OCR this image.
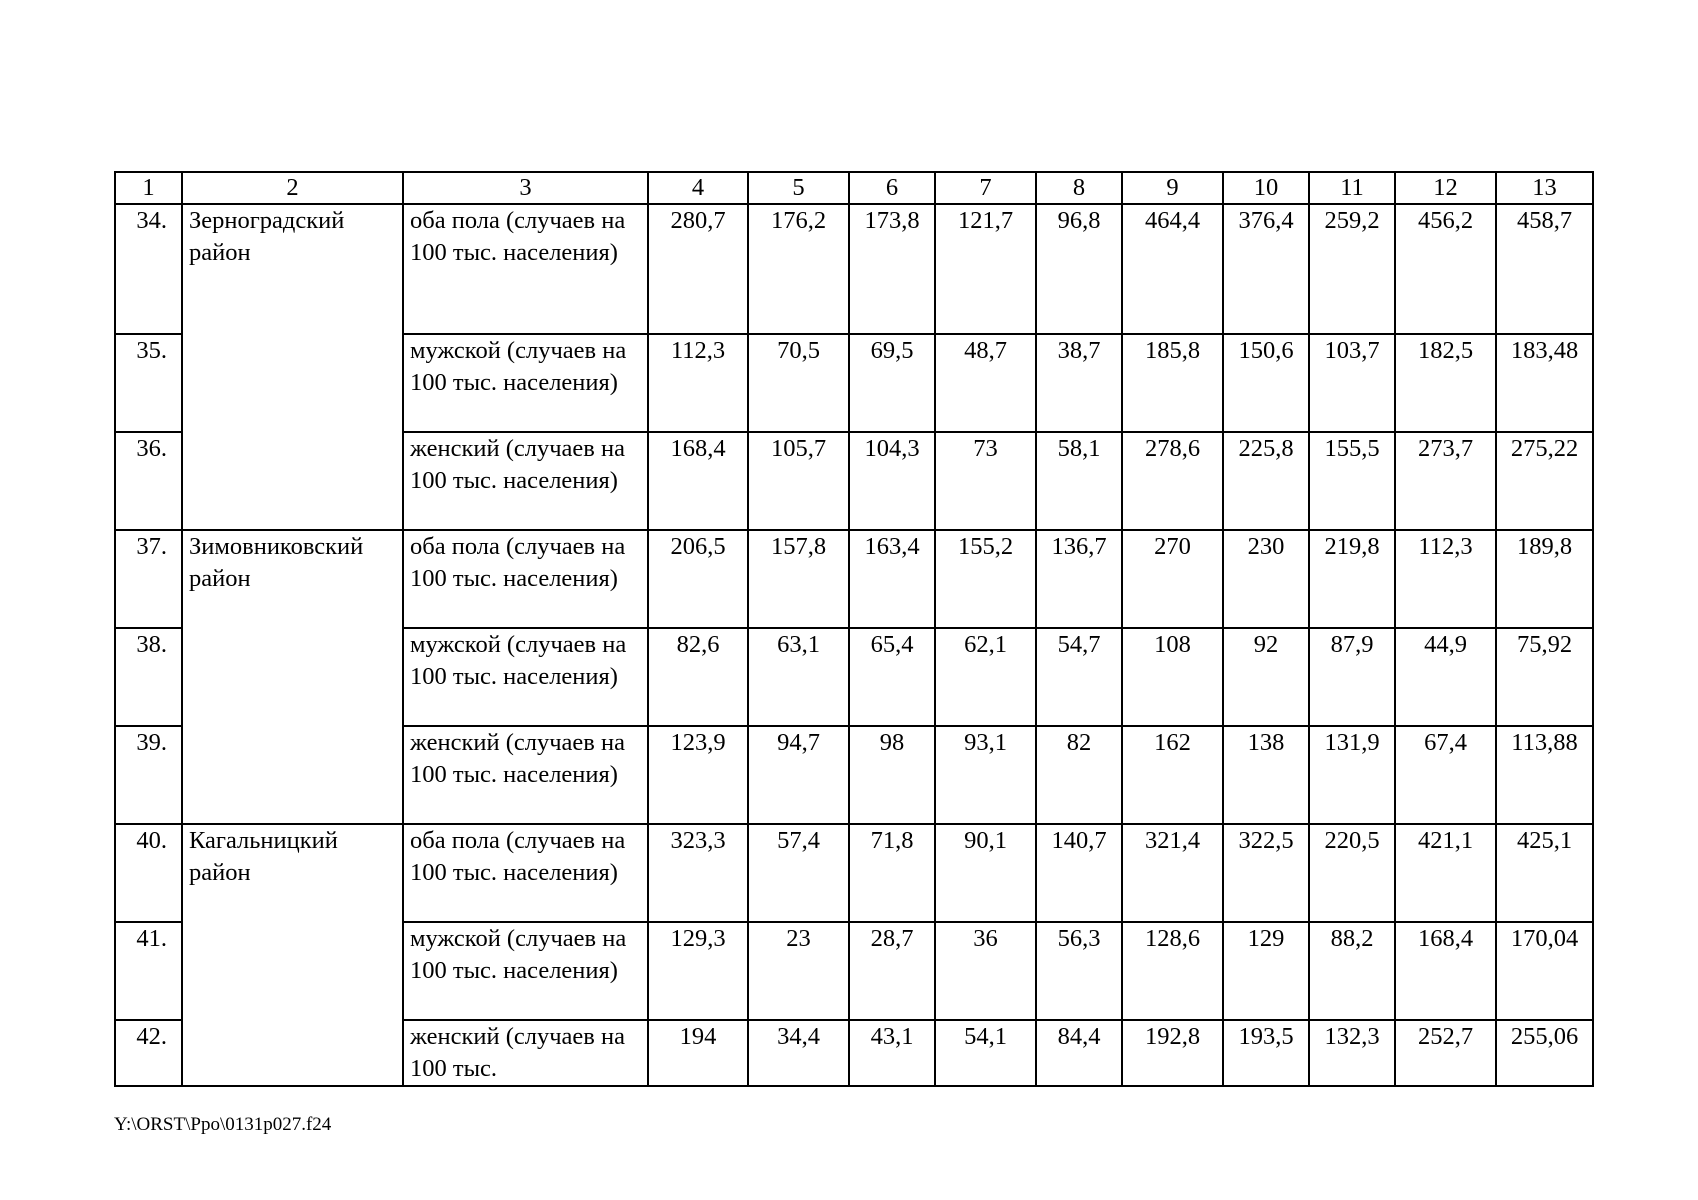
1	2	3	4	5	6	7	8	9	10	11	12	13
34.	Зерноградский район	оба пола (случаев на 100 тыс. населения)	280,7	176,2	173,8	121,7	96,8	464,4	376,4	259,2	456,2	458,7
35.		мужской (случаев на 100 тыс. населения)	112,3	70,5	69,5	48,7	38,7	185,8	150,6	103,7	182,5	183,48
36.		женский (случаев на 100 тыс. населения)	168,4	105,7	104,3	73	58,1	278,6	225,8	155,5	273,7	275,22
37.	Зимовниковский район	оба пола (случаев на 100 тыс. населения)	206,5	157,8	163,4	155,2	136,7	270	230	219,8	112,3	189,8
38.		мужской (случаев на 100 тыс. населения)	82,6	63,1	65,4	62,1	54,7	108	92	87,9	44,9	75,92
39.		женский (случаев на 100 тыс. населения)	123,9	94,7	98	93,1	82	162	138	131,9	67,4	113,88
40.	Кагальницкий район	оба пола (случаев на 100 тыс. населения)	323,3	57,4	71,8	90,1	140,7	321,4	322,5	220,5	421,1	425,1
41.		мужской (случаев на 100 тыс. населения)	129,3	23	28,7	36	56,3	128,6	129	88,2	168,4	170,04
42.		женский (случаев на 100 тыс.	194	34,4	43,1	54,1	84,4	192,8	193,5	132,3	252,7	255,06
Y:\ORST\Ppo\0131p027.f24
